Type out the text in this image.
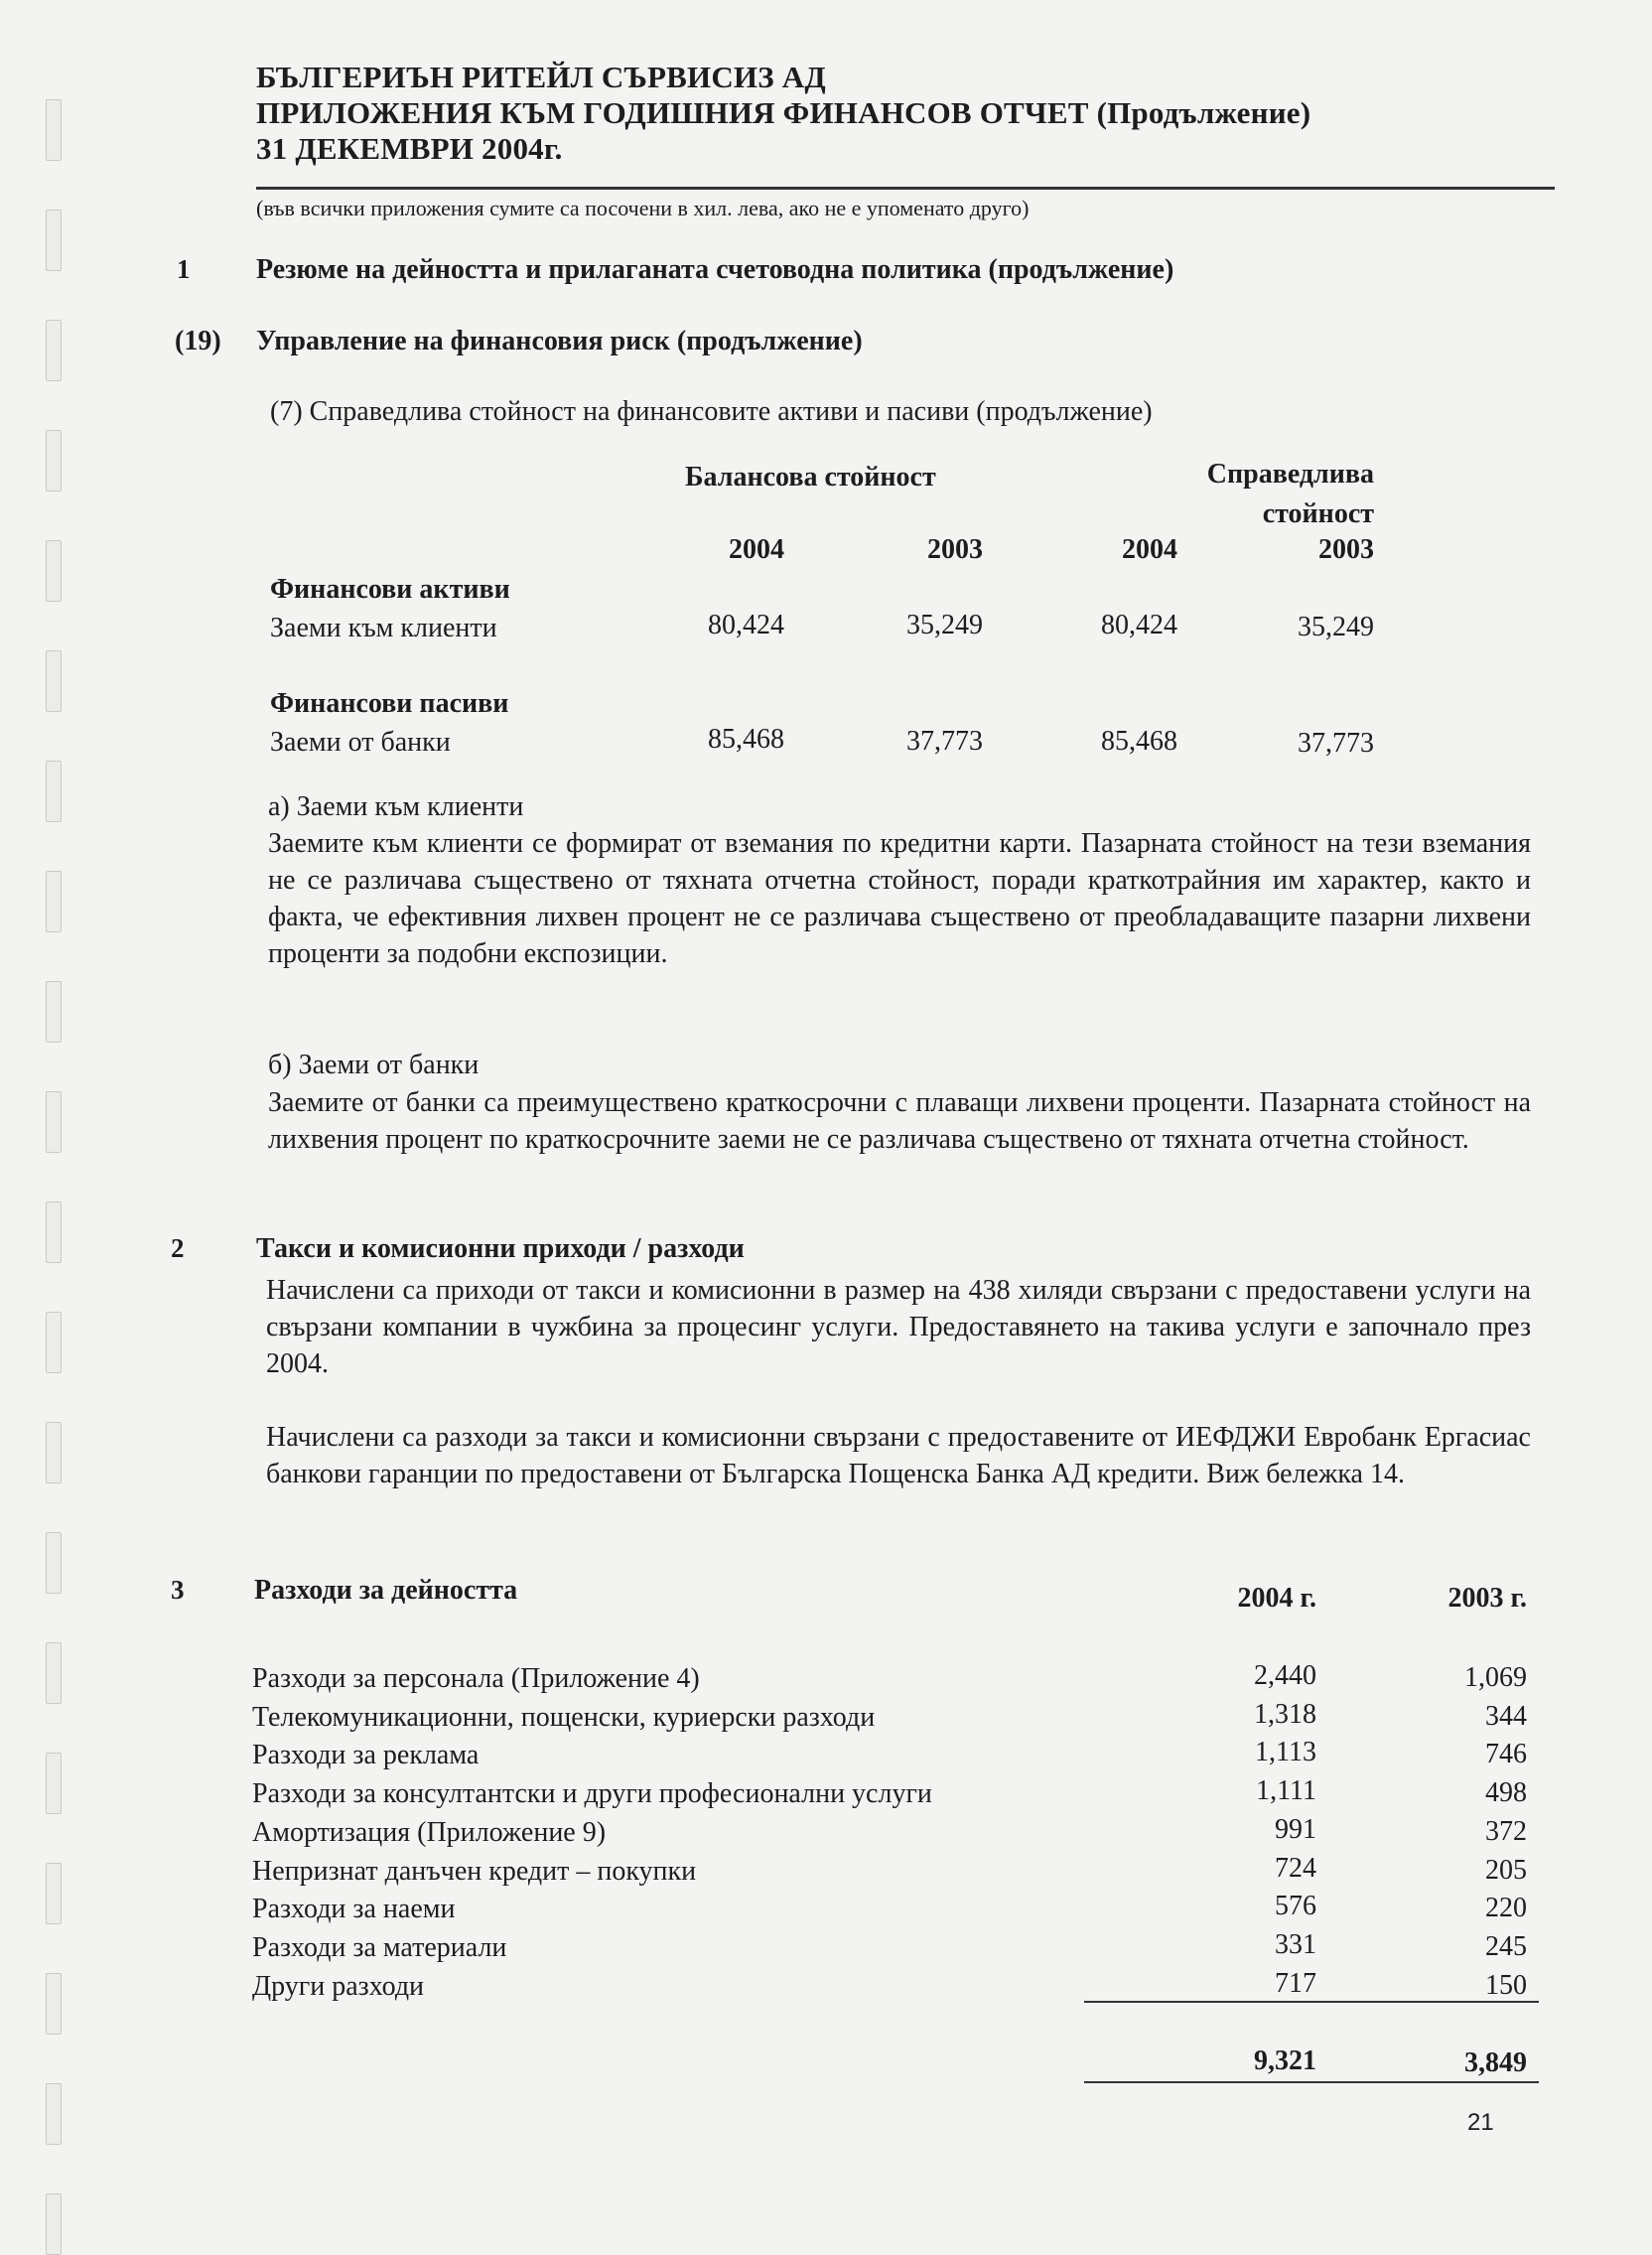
БЪЛГЕРИЪН РИТЕЙЛ СЪРВИСИЗ АД
ПРИЛОЖЕНИЯ КЪМ ГОДИШНИЯ ФИНАНСОВ ОТЧЕТ (Продължение)
31 ДЕКЕМВРИ 2004г.
(във всички приложения сумите са посочени в хил. лева, ако не е упоменато друго)
1 Резюме на дейността и прилаганата счетоводна политика (продължение)
(19) Управление на финансовия риск (продължение)
(7) Справедлива стойност на финансовите активи и пасиви (продължение)
Балансова стойност	Справедлива
стойност
2004	2003	2004	2003
Финансови активи
Заеми към клиенти	80,424	35,249	80,424	35,249
Финансови пасиви
Заеми от банки	85,468	37,773	85,468	37,773
а) Заеми към клиенти
Заемите към клиенти се формират от вземания по кредитни карти. Пазарната стойност на тези вземания не се различава съществено от тяхната отчетна стойност, поради краткотрайния им характер, както и факта, че ефективния лихвен процент не се различава съществено от преобладаващите пазарни лихвени проценти за подобни експозиции.
б) Заеми от банки
Заемите от банки са преимуществено краткосрочни с плаващи лихвени проценти. Пазарната стойност на лихвения процент по краткосрочните заеми не се различава съществено от тяхната отчетна стойност.
2	Такси и комисионни приходи / разходи
Начислени са приходи от такси и комисионни в размер на 438 хиляди свързани с предоставени услуги на свързани компании в чужбина за процесинг услуги. Предоставянето на такива услуги е започнало през 2004.
Начислени са разходи за такси и комисионни свързани с предоставените от ИЕФДЖИ Евробанк Ергасиас банкови гаранции по предоставени от Българска Пощенска Банка АД кредити. Виж бележка 14.
3	Разходи за дейността	2004 г.	2003 г.
Разходи за персонала (Приложение 4)	2,440	1,069
Телекомуникационни, пощенски, куриерски разходи	1,318	344
Разходи за реклама	1,113	746
Разходи за консултантски и други професионални услуги	1,111	498
Амортизация (Приложение 9)	991	372
Непризнат данъчен кредит – покупки	724	205
Разходи за наеми	576	220
Разходи за материали	331	245
Други разходи	717	150
9,321	3,849
21
